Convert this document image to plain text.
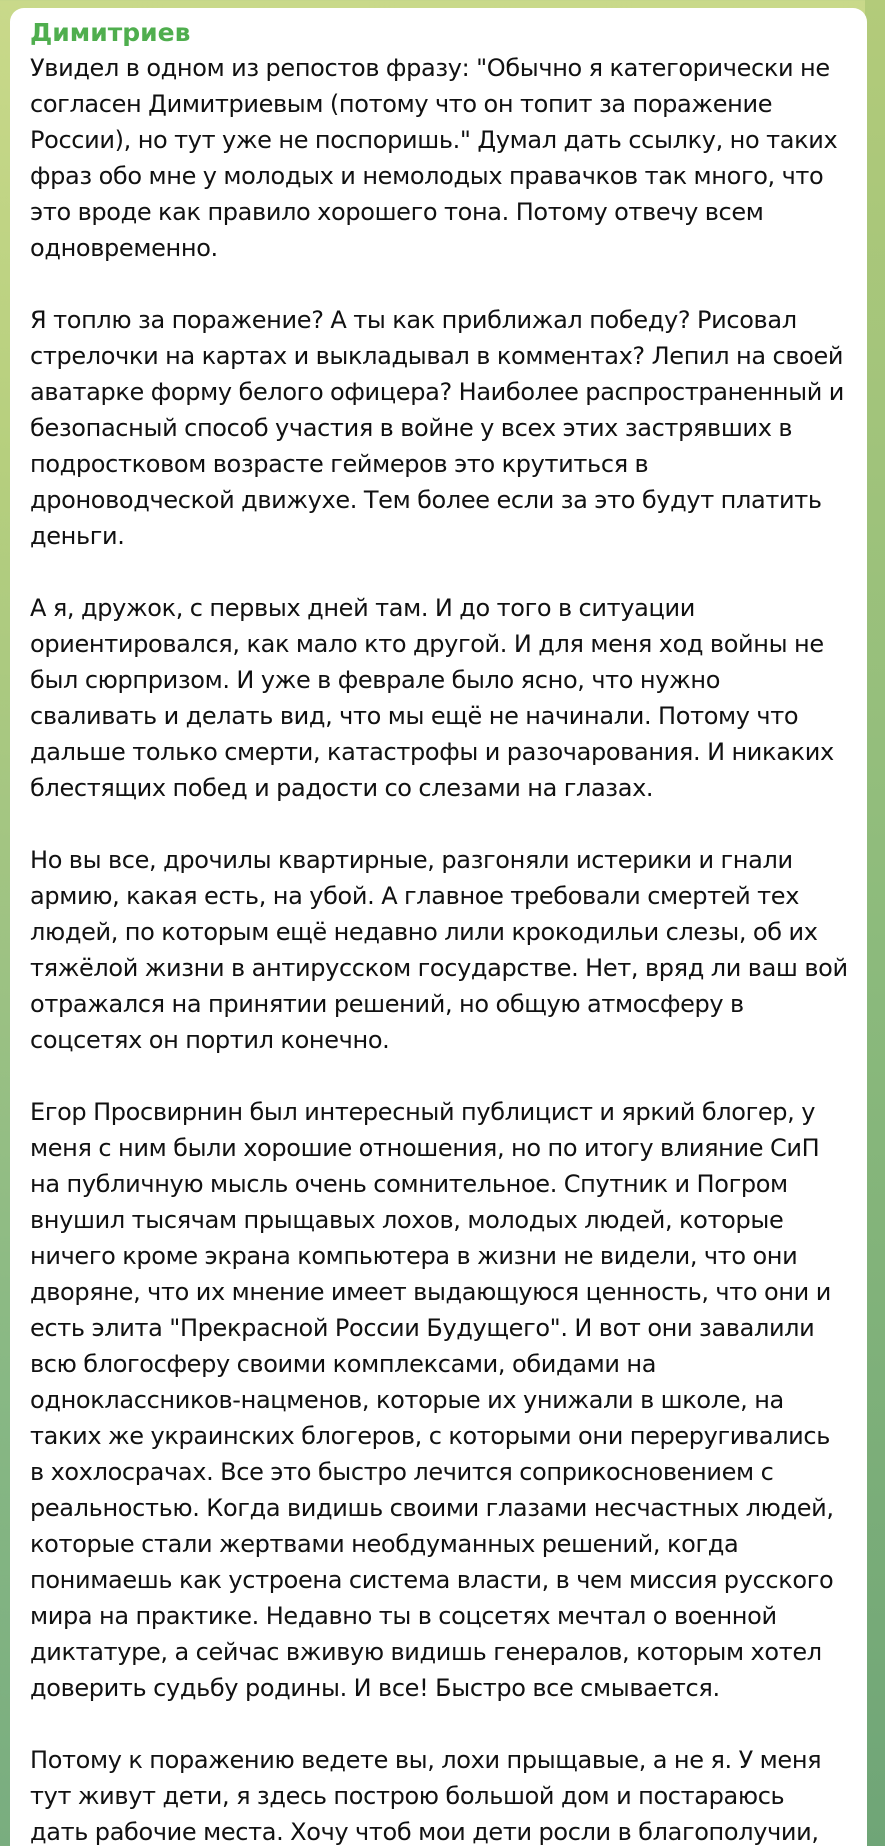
Димитриев

Увидел в одном из репостов фразу: "Обычно я категорически не согласен Димитриевым (потому что он топит за поражение России), но тут уже не поспоришь." Думал дать ссылку, но таких фраз обо мне у молодых и немолодых правачков так много, что это вроде как правило хорошего тона. Потому отвечу всем одновременно.

Я топлю за поражение? А ты как приближал победу? Рисовал стрелочки на картах и выкладывал в комментах? Лепил на своей аватарке форму белого офицера? Наиболее распространенный и безопасный способ участия в войне у всех этих застрявших в подростковом возрасте геймеров это крутиться в дроноводческой движухе. Тем более если за это будут платить деньги.

А я, дружок, с первых дней там. И до того в ситуации ориентировался, как мало кто другой. И для меня ход войны не был сюрпризом. И уже в феврале было ясно, что нужно сваливать и делать вид, что мы ещё не начинали. Потому что дальше только смерти, катастрофы и разочарования. И никаких блестящих побед и радости со слезами на глазах.

Но вы все, дрочилы квартирные, разгоняли истерики и гнали армию, какая есть, на убой. А главное требовали смертей тех людей, по которым ещё недавно лили крокодильи слезы, об их тяжёлой жизни в антирусском государстве. Нет, вряд ли ваш вой отражался на принятии решений, но общую атмосферу в соцсетях он портил конечно.

Егор Просвирнин был интересный публицист и яркий блогер, у меня с ним были хорошие отношения, но по итогу влияние СиП на публичную мысль очень сомнительное. Спутник и Погром внушил тысячам прыщавых лохов, молодых людей, которые ничего кроме экрана компьютера в жизни не видели, что они дворяне, что их мнение имеет выдающуюся ценность, что они и есть элита "Прекрасной России Будущего". И вот они завалили всю блогосферу своими комплексами, обидами на одноклассников-нацменов, которые их унижали в школе, на таких же украинских блогеров, с которыми они переругивались в хохлосрачах. Все это быстро лечится соприкосновением с реальностью. Когда видишь своими глазами несчастных людей, которые стали жертвами необдуманных решений, когда понимаешь как устроена система власти, в чем миссия русского мира на практике. Недавно ты в соцсетях мечтал о военной диктатуре, а сейчас вживую видишь генералов, которым хотел доверить судьбу родины. И все! Быстро все смывается.

Потому к поражению ведете вы, лохи прыщавые, а не я. У меня тут живут дети, я здесь построю большой дом и постараюсь дать рабочие места. Хочу чтоб мои дети росли в благополучии,
